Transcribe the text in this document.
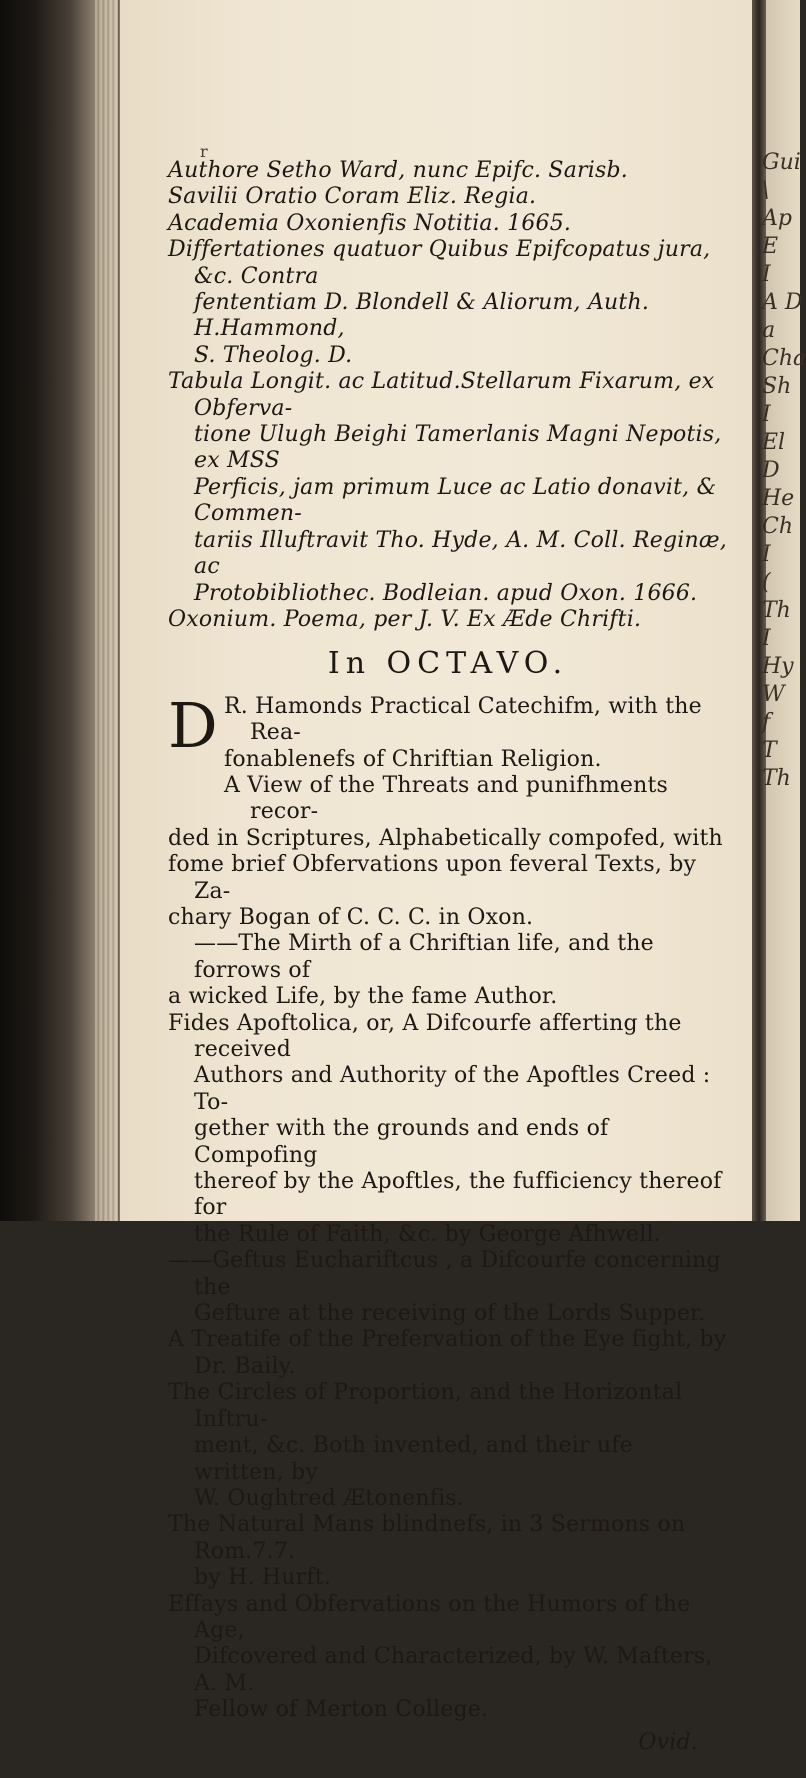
Gui
\
Ap
E
I
A D
a
Cha
Sh
I
El
D
He
Ch
I
(
Th
I
Hy
W
f
T
Th
r

Authore Setho Ward, nunc Epifc. Sarisb.

Savilii Oratio Coram Eliz. Regia.

Academia Oxonienfis Notitia. 1665.

Differtationes quatuor Quibus Epifcopatus jura, &c. Contra

fententiam D. Blondell & Aliorum, Auth. H.Hammond,

S. Theolog. D.

Tabula Longit. ac Latitud.Stellarum Fixarum, ex Obferva-

tione Ulugh Beighi Tamerlanis Magni Nepotis, ex MSS

Perficis, jam primum Luce ac Latio donavit, & Commen-

tariis Illuftravit Tho. Hyde, A. M. Coll. Reginæ, ac

Protobibliothec. Bodleian. apud Oxon. 1666.

Oxonium. Poema, per J. V. Ex Æde Chrifti.

In OCTAVO.
D R. Hamonds Practical Catechifm, with the Rea-

fonablenefs of Chriftian Religion.

A View of the Threats and punifhments recor-

ded in Scriptures, Alphabetically compofed, with

fome brief Obfervations upon feveral Texts, by Za-

chary Bogan of C. C. C. in Oxon.

——The Mirth of a Chriftian life, and the forrows of

a wicked Life, by the fame Author.

Fides Apoftolica, or, A Difcourfe afferting the received

Authors and Authority of the Apoftles Creed : To-

gether with the grounds and ends of Compofing

thereof by the Apoftles, the fufficiency thereof for

the Rule of Faith, &c. by George Afhwell.

——Geftus Euchariftcus , a Difcourfe concerning the

Gefture at the receiving of the Lords Supper.

A Treatife of the Prefervation of the Eye fight, by

Dr. Baily.

The Circles of Proportion, and the Horizontal Inftru-

ment, &c. Both invented, and their ufe written, by

W. Oughtred Ætonenfis.

The Natural Mans blindnefs, in 3 Sermons on Rom.7.7.

by H. Hurft.

Effays and Obfervations on the Humors of the Age,

Difcovered and Characterized, by W. Mafters, A. M.

Fellow of Merton College.

Ovid.
